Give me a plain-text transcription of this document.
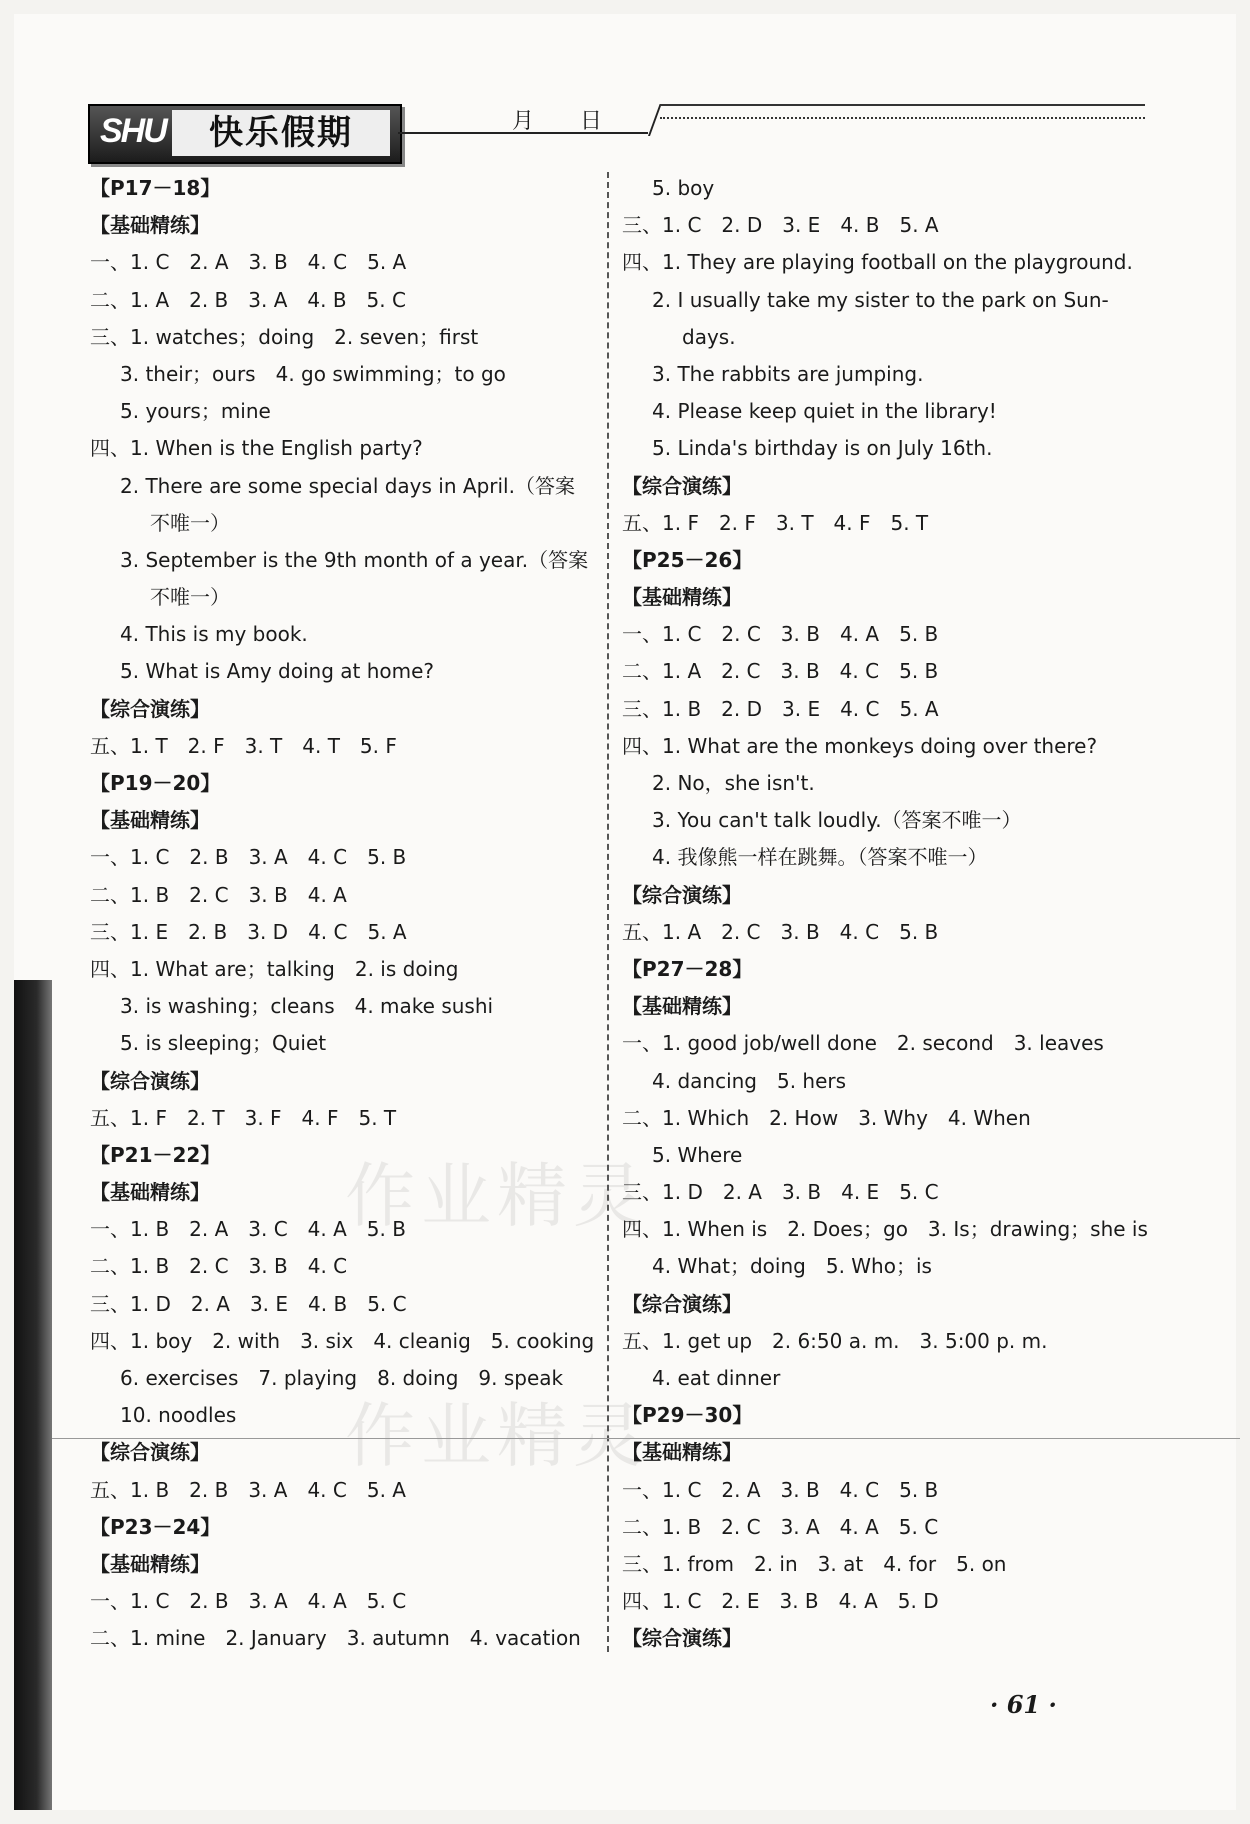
SHU	快乐假期	月 日
作业精灵
作业精灵
【P17－18】
【基础精练】
一、1. C　2. A　3. B　4. C　5. A
二、1. A　2. B　3. A　4. B　5. C
三、1. watches；doing　2. seven；first
3. their；ours　4. go swimming；to go
5. yours；mine
四、1. When is the English party?
2. There are some special days in April.（答案
不唯一）
3. September is the 9th month of a year.（答案
不唯一）
4. This is my book.
5. What is Amy doing at home?
【综合演练】
五、1. T　2. F　3. T　4. T　5. F
【P19－20】
【基础精练】
一、1. C　2. B　3. A　4. C　5. B
二、1. B　2. C　3. B　4. A
三、1. E　2. B　3. D　4. C　5. A
四、1. What are；talking　2. is doing
3. is washing；cleans　4. make sushi
5. is sleeping；Quiet
【综合演练】
五、1. F　2. T　3. F　4. F　5. T
【P21－22】
【基础精练】
一、1. B　2. A　3. C　4. A　5. B
二、1. B　2. C　3. B　4. C
三、1. D　2. A　3. E　4. B　5. C
四、1. boy　2. with　3. six　4. cleanig　5. cooking
6. exercises　7. playing　8. doing　9. speak
10. noodles
【综合演练】
五、1. B　2. B　3. A　4. C　5. A
【P23－24】
【基础精练】
一、1. C　2. B　3. A　4. A　5. C
二、1. mine　2. January　3. autumn　4. vacation
5. boy
三、1. C　2. D　3. E　4. B　5. A
四、1. They are playing football on the playground.
2. I usually take my sister to the park on Sun-
days.
3. The rabbits are jumping.
4. Please keep quiet in the library!
5. Linda's birthday is on July 16th.
【综合演练】
五、1. F　2. F　3. T　4. F　5. T
【P25－26】
【基础精练】
一、1. C　2. C　3. B　4. A　5. B
二、1. A　2. C　3. B　4. C　5. B
三、1. B　2. D　3. E　4. C　5. A
四、1. What are the monkeys doing over there?
2. No，she isn't.
3. You can't talk loudly.（答案不唯一）
4. 我像熊一样在跳舞。（答案不唯一）
【综合演练】
五、1. A　2. C　3. B　4. C　5. B
【P27－28】
【基础精练】
一、1. good job/well done　2. second　3. leaves
4. dancing　5. hers
二、1. Which　2. How　3. Why　4. When
5. Where
三、1. D　2. A　3. B　4. E　5. C
四、1. When is　2. Does；go　3. Is；drawing；she is
4. What；doing　5. Who；is
【综合演练】
五、1. get up　2. 6:50 a. m.　3. 5:00 p. m.
4. eat dinner
【P29－30】
【基础精练】
一、1. C　2. A　3. B　4. C　5. B
二、1. B　2. C　3. A　4. A　5. C
三、1. from　2. in　3. at　4. for　5. on
四、1. C　2. E　3. B　4. A　5. D
【综合演练】
· 61 ·
